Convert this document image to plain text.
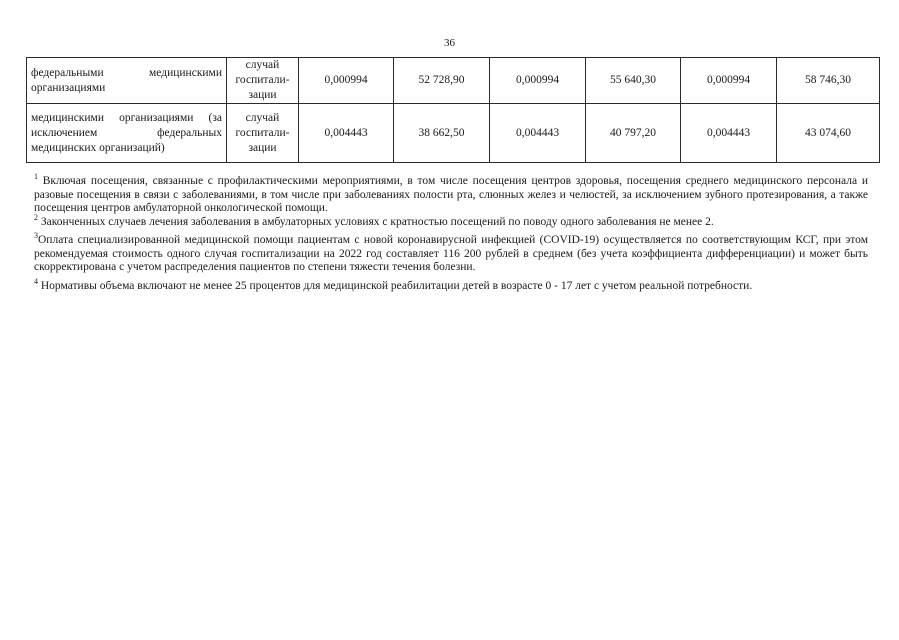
36
федеральными медицинскими организациями	случай госпитали-зации	0,000994	52 728,90	0,000994	55 640,30	0,000994	58 746,30
медицинскими организациями (за исключением федеральных медицинских организаций)	случай госпитали-зации	0,004443	38 662,50	0,004443	40 797,20	0,004443	43 074,60

$^1$ Включая посещения, связанные с профилактическими мероприятиями, в том числе посещения центров здоровья, посещения среднего медицинского персонала и разовые посещения в связи с заболеваниями, в том числе при заболеваниях полости рта, слюнных желез и челюстей, за исключением зубного протезирования, а также посещения центров амбулаторной онкологической помощи.

$^2$ Законченных случаев лечения заболевания в амбулаторных условиях с кратностью посещений по поводу одного заболевания не менее 2.

$^3$Оплата специализированной медицинской помощи пациентам с новой коронавирусной инфекцией (COVID-19) осуществляется по соответствующим КСГ, при этом рекомендуемая стоимость одного случая госпитализации на 2022 год составляет 116 200 рублей в среднем (без учета коэффициента дифференциации) и может быть скорректирована с учетом распределения пациентов по степени тяжести течения болезни.

$^4$ Нормативы объема включают не менее 25 процентов для медицинской реабилитации детей в возрасте 0 - 17 лет с учетом реальной потребности.
